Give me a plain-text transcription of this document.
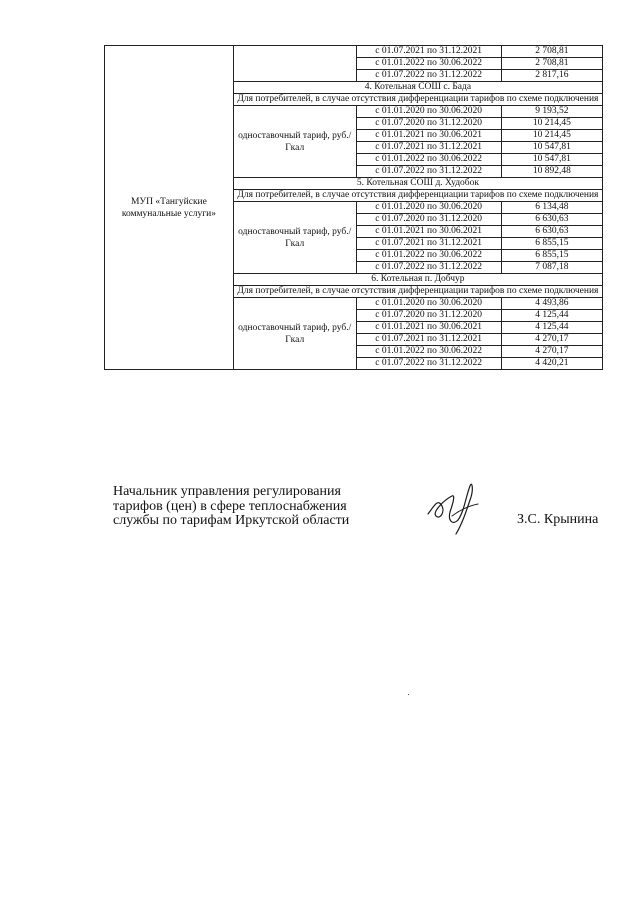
МУП «Тангуйские коммунальные услуги»		с 01.07.2021 по 31.12.2021	2 708,81
		с 01.01.2022 по 30.06.2022	2 708,81
		с 01.07.2022 по 31.12.2022	2 817,16
	4. Котельная СОШ с. Бада		
	Для потребителей, в случае отсутствия дифференциации тарифов по схеме подключения		
	одноставочный тариф, руб./Гкал	с 01.01.2020 по 30.06.2020	9 193,52
		с 01.07.2020 по 31.12.2020	10 214,45
		с 01.01.2021 по 30.06.2021	10 214,45
		с 01.07.2021 по 31.12.2021	10 547,81
		с 01.01.2022 по 30.06.2022	10 547,81
		с 01.07.2022 по 31.12.2022	10 892,48
	5. Котельная СОШ д. Худобок		
	Для потребителей, в случае отсутствия дифференциации тарифов по схеме подключения		
	одноставочный тариф, руб./Гкал	с 01.01.2020 по 30.06.2020	6 134,48
		с 01.07.2020 по 31.12.2020	6 630,63
		с 01.01.2021 по 30.06.2021	6 630,63
		с 01.07.2021 по 31.12.2021	6 855,15
		с 01.01.2022 по 30.06.2022	6 855,15
		с 01.07.2022 по 31.12.2022	7 087,18
	6. Котельная п. Добчур		
	Для потребителей, в случае отсутствия дифференциации тарифов по схеме подключения		
	одноставочный тариф, руб./Гкал	с 01.01.2020 по 30.06.2020	4 493,86
		с 01.07.2020 по 31.12.2020	4 125,44
		с 01.01.2021 по 30.06.2021	4 125,44
		с 01.07.2021 по 31.12.2021	4 270,17
		с 01.01.2022 по 30.06.2022	4 270,17
		с 01.07.2022 по 31.12.2022	4 420,21
Начальник управления регулирования
тарифов (цен) в сфере теплоснабжения
службы по тарифам Иркутской области	З.С. Крынина
